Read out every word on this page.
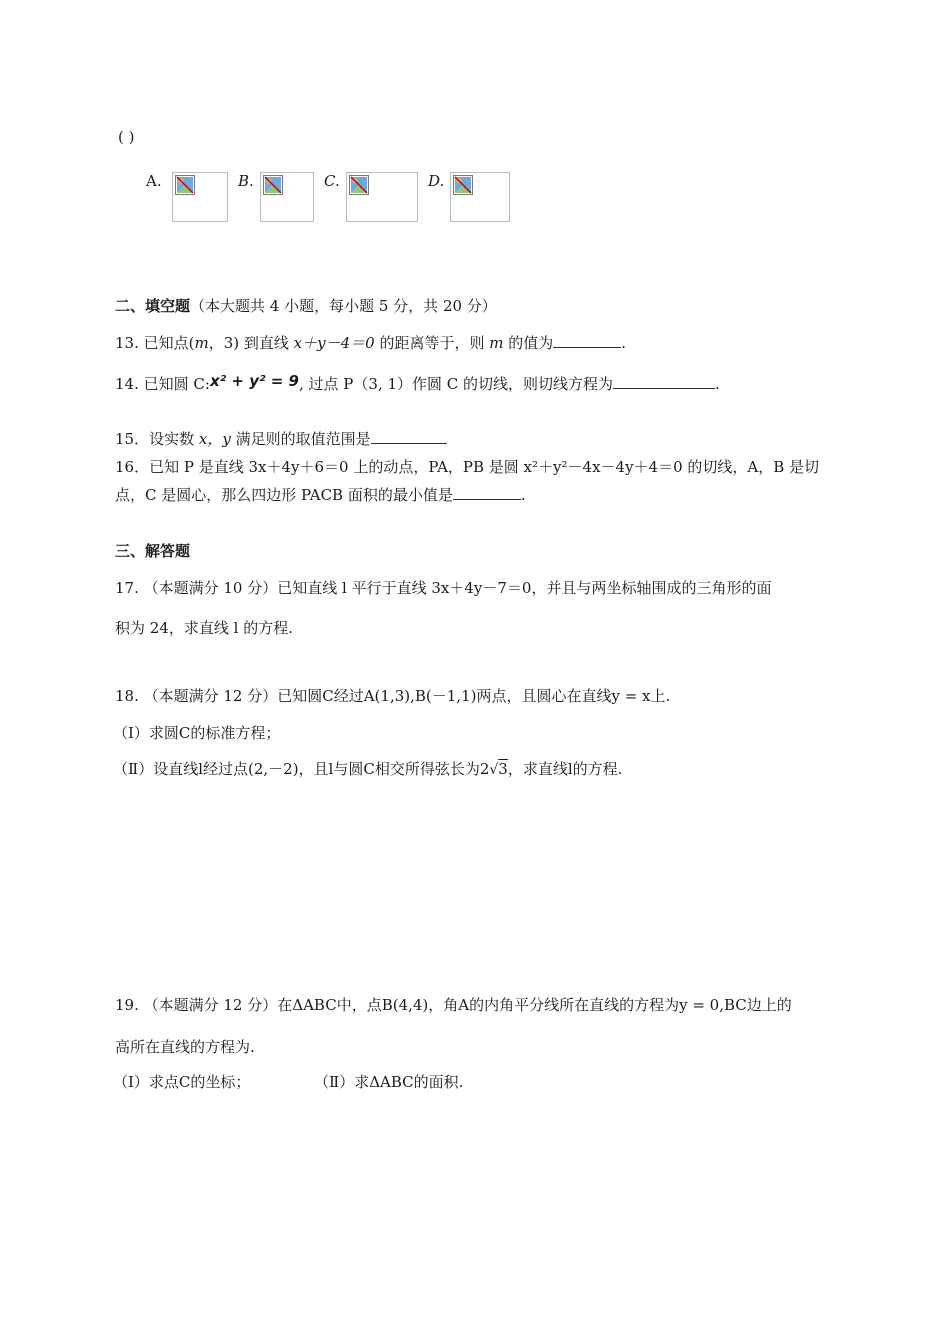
( )
A.	B.	C.	D.
二、填空题（本大题共 4 小题，每小题 5 分，共 20 分）
13. 已知点(m，3) 到直线 x＋y－4＝0 的距离等于，则 m 的值为	.
14. 已知圆 C:x² + y² = 9, 过点 P（3, 1）作圆 C 的切线，则切线方程为	.
15．设实数 x，y 满足则的取值范围是
16．已知 P 是直线 3x＋4y＋6＝0 上的动点，PA，PB 是圆 x²＋y²－4x－4y＋4＝0 的切线，A，B 是切
点，C 是圆心，那么四边形 PACB 面积的最小值是	.
三、解答题
17. （本题满分 10 分）已知直线 l 平行于直线 3x＋4y－7＝0，并且与两坐标轴围成的三角形的面
积为 24，求直线 l 的方程.
18. （本题满分 12 分）已知圆C经过A(1,3),B(－1,1)两点，且圆心在直线y = x上.
（Ⅰ）求圆C的标准方程；
（Ⅱ）设直线l经过点(2,－2)，且l与圆C相交所得弦长为2√3，求直线l的方程.
19. （本题满分 12 分）在ΔABC中，点B(4,4)，角A的内角平分线所在直线的方程为y = 0,BC边上的
高所在直线的方程为.
（Ⅰ）求点C的坐标；	（Ⅱ）求ΔABC的面积.
